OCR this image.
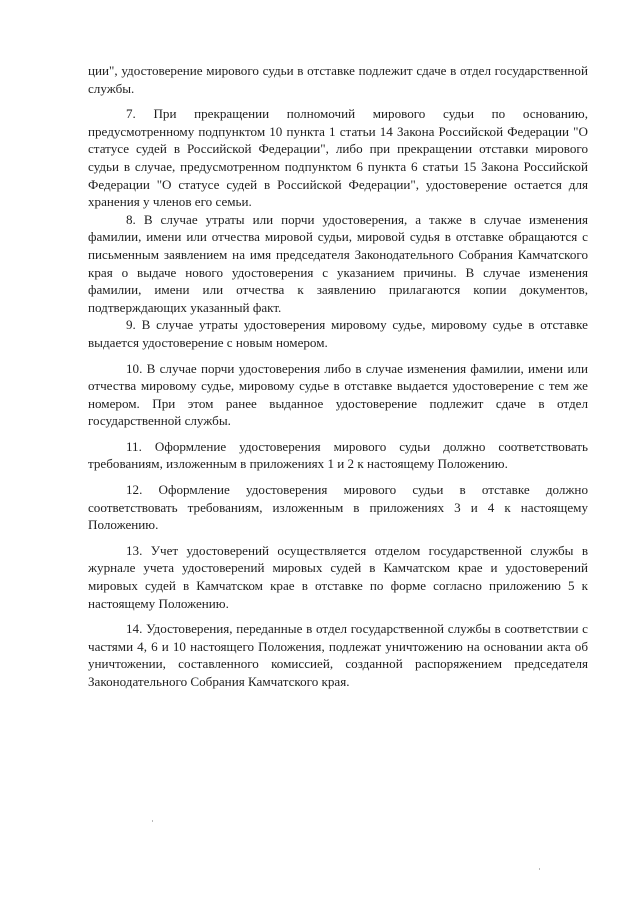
ции", удостоверение мирового судьи в отставке подлежит сдаче в отдел государственной службы.

7. При прекращении полномочий мирового судьи по основанию, предусмотренному подпунктом 10 пункта 1 статьи 14 Закона Российской Федерации "О статусе судей в Российской Федерации", либо при прекращении отставки мирового судьи в случае, предусмотренном подпунктом 6 пункта 6 статьи 15 Закона Российской Федерации "О статусе судей в Российской Федерации", удостоверение остается для хранения у членов его семьи.

8. В случае утраты или порчи удостоверения, а также в случае изменения фамилии, имени или отчества мировой судьи, мировой судья в отставке обращаются с письменным заявлением на имя председателя Законодательного Собрания Камчатского края о выдаче нового удостоверения с указанием причины. В случае изменения фамилии, имени или отчества к заявлению прилагаются копии документов, подтверждающих указанный факт.

9. В случае утраты удостоверения мировому судье, мировому судье в отставке выдается удостоверение с новым номером.

10. В случае порчи удостоверения либо в случае изменения фамилии, имени или отчества мировому судье, мировому судье в отставке выдается удостоверение с тем же номером. При этом ранее выданное удостоверение подлежит сдаче в отдел государственной службы.

11. Оформление удостоверения мирового судьи должно соответствовать требованиям, изложенным в приложениях 1 и 2 к настоящему Положению.

12. Оформление удостоверения мирового судьи в отставке должно соответствовать требованиям, изложенным в приложениях 3 и 4 к настоящему Положению.

13. Учет удостоверений осуществляется отделом государственной службы в журнале учета удостоверений мировых судей в Камчатском крае и удостоверений мировых судей в Камчатском крае в отставке по форме согласно приложению 5 к настоящему Положению.

14. Удостоверения, переданные в отдел государственной службы в соответствии с частями 4, 6 и 10 настоящего Положения, подлежат уничтожению на основании акта об уничтожении, составленного комиссией, созданной распоряжением председателя Законодательного Собрания Камчатского края.
